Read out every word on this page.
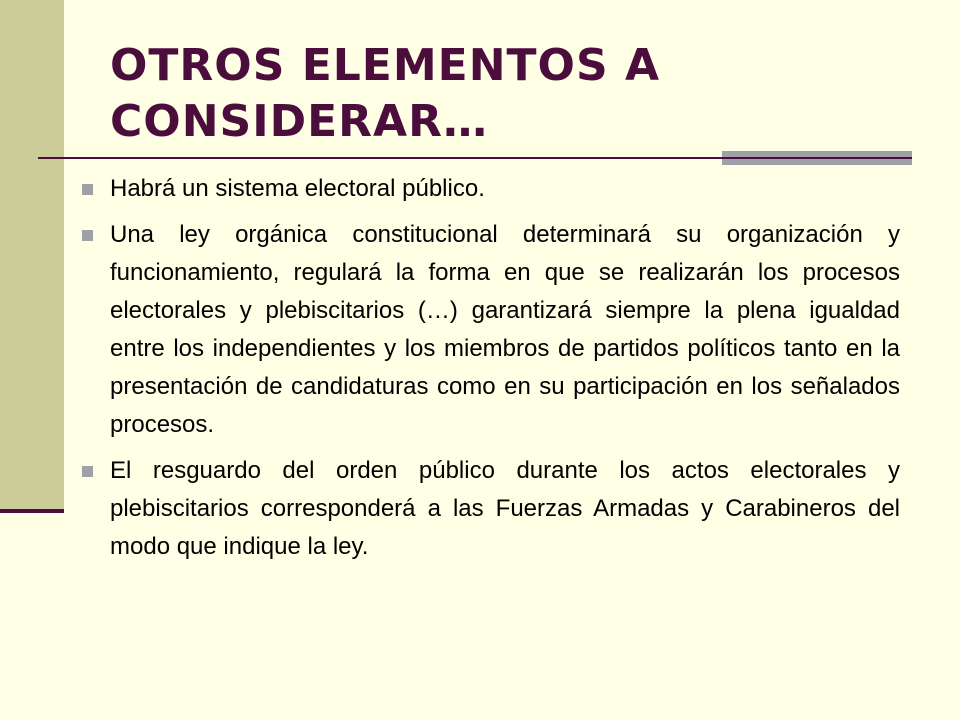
OTROS ELEMENTOS A CONSIDERAR…
Habrá un sistema electoral público.
Una ley orgánica constitucional determinará su organización y funcionamiento, regulará la forma en que se realizarán los procesos electorales y plebiscitarios (…) garantizará siempre la plena igualdad entre los independientes y los miembros de partidos políticos tanto en la presentación de candidaturas como en su participación en los señalados procesos.
El resguardo del orden público durante los actos electorales y plebiscitarios corresponderá a las Fuerzas Armadas y Carabineros del modo que indique la ley.
